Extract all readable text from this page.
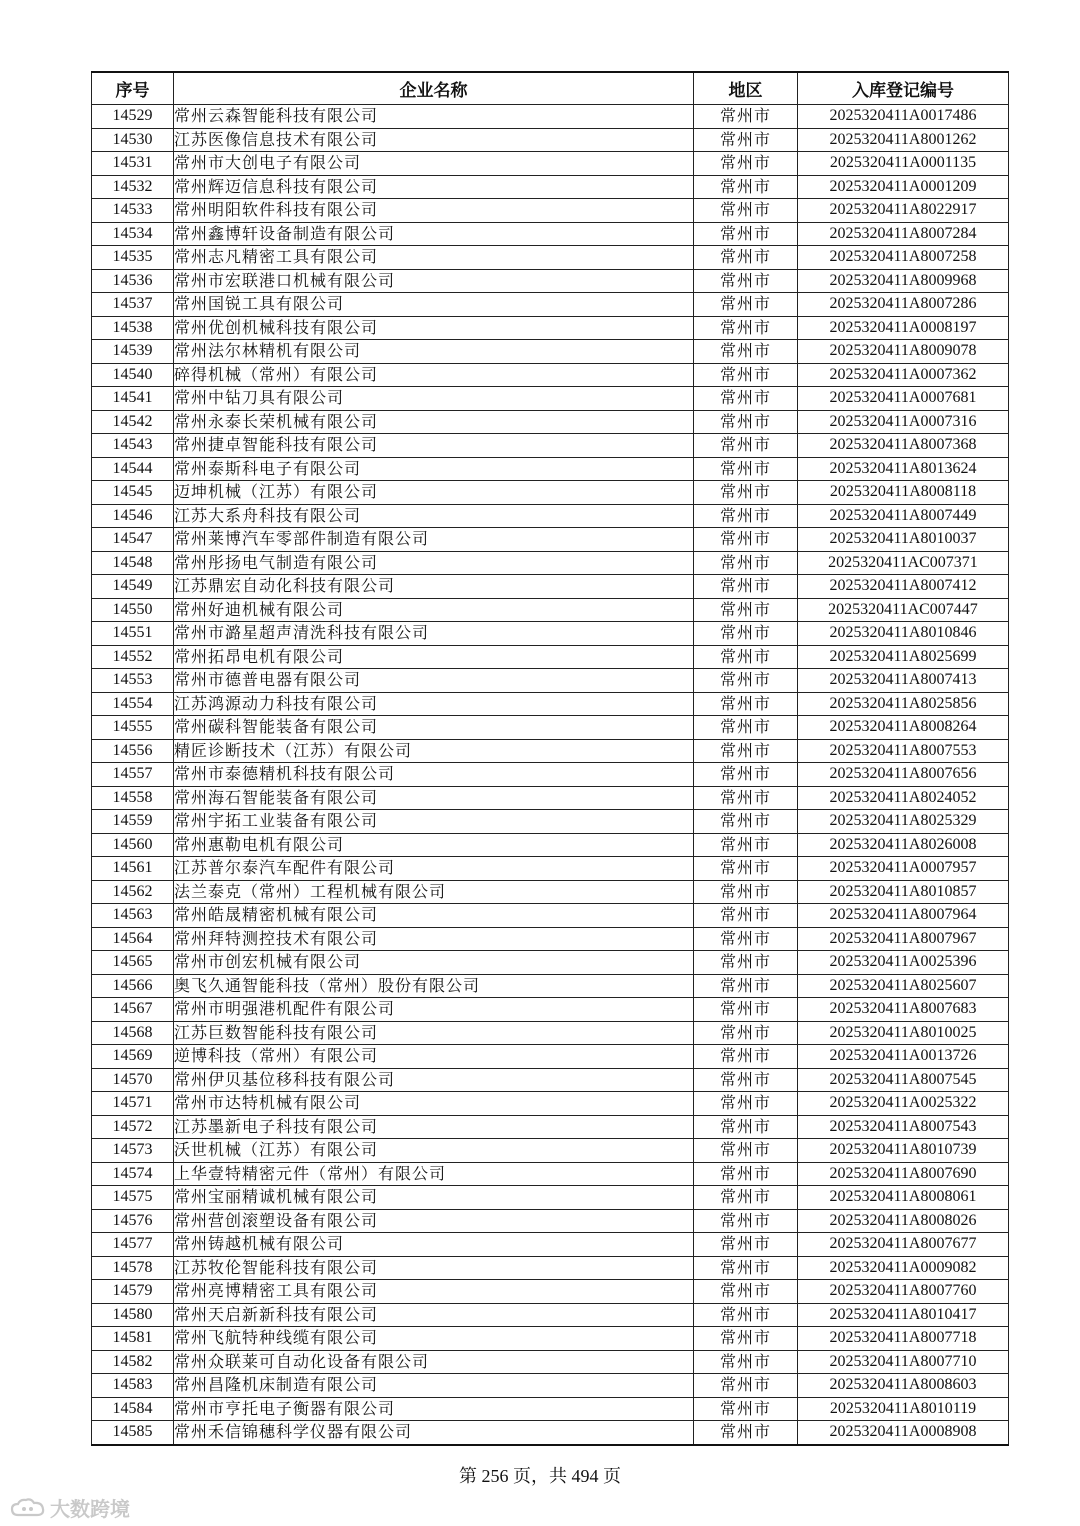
序号	企业名称	地区	入库登记编号
14529	常州云森智能科技有限公司	常州市	2025320411A0017486
14530	江苏医像信息技术有限公司	常州市	2025320411A8001262
14531	常州市大创电子有限公司	常州市	2025320411A0001135
14532	常州辉迈信息科技有限公司	常州市	2025320411A0001209
14533	常州明阳软件科技有限公司	常州市	2025320411A8022917
14534	常州鑫博轩设备制造有限公司	常州市	2025320411A8007284
14535	常州志凡精密工具有限公司	常州市	2025320411A8007258
14536	常州市宏联港口机械有限公司	常州市	2025320411A8009968
14537	常州国锐工具有限公司	常州市	2025320411A8007286
14538	常州优创机械科技有限公司	常州市	2025320411A0008197
14539	常州法尔林精机有限公司	常州市	2025320411A8009078
14540	碎得机械（常州）有限公司	常州市	2025320411A0007362
14541	常州中钻刀具有限公司	常州市	2025320411A0007681
14542	常州永泰长荣机械有限公司	常州市	2025320411A0007316
14543	常州捷卓智能科技有限公司	常州市	2025320411A8007368
14544	常州泰斯科电子有限公司	常州市	2025320411A8013624
14545	迈坤机械（江苏）有限公司	常州市	2025320411A8008118
14546	江苏大系舟科技有限公司	常州市	2025320411A8007449
14547	常州莱博汽车零部件制造有限公司	常州市	2025320411A8010037
14548	常州彤扬电气制造有限公司	常州市	2025320411AC007371
14549	江苏鼎宏自动化科技有限公司	常州市	2025320411A8007412
14550	常州好迪机械有限公司	常州市	2025320411AC007447
14551	常州市潞星超声清洗科技有限公司	常州市	2025320411A8010846
14552	常州拓昂电机有限公司	常州市	2025320411A8025699
14553	常州市德普电器有限公司	常州市	2025320411A8007413
14554	江苏鸿源动力科技有限公司	常州市	2025320411A8025856
14555	常州碳科智能装备有限公司	常州市	2025320411A8008264
14556	精匠诊断技术（江苏）有限公司	常州市	2025320411A8007553
14557	常州市泰德精机科技有限公司	常州市	2025320411A8007656
14558	常州海石智能装备有限公司	常州市	2025320411A8024052
14559	常州宇拓工业装备有限公司	常州市	2025320411A8025329
14560	常州惠勒电机有限公司	常州市	2025320411A8026008
14561	江苏普尔泰汽车配件有限公司	常州市	2025320411A0007957
14562	法兰泰克（常州）工程机械有限公司	常州市	2025320411A8010857
14563	常州皓晟精密机械有限公司	常州市	2025320411A8007964
14564	常州拜特测控技术有限公司	常州市	2025320411A8007967
14565	常州市创宏机械有限公司	常州市	2025320411A0025396
14566	奥飞久通智能科技（常州）股份有限公司	常州市	2025320411A8025607
14567	常州市明强港机配件有限公司	常州市	2025320411A8007683
14568	江苏巨数智能科技有限公司	常州市	2025320411A8010025
14569	逆博科技（常州）有限公司	常州市	2025320411A0013726
14570	常州伊贝基位移科技有限公司	常州市	2025320411A8007545
14571	常州市达特机械有限公司	常州市	2025320411A0025322
14572	江苏墨新电子科技有限公司	常州市	2025320411A8007543
14573	沃世机械（江苏）有限公司	常州市	2025320411A8010739
14574	上华壹特精密元件（常州）有限公司	常州市	2025320411A8007690
14575	常州宝丽精诚机械有限公司	常州市	2025320411A8008061
14576	常州营创滚塑设备有限公司	常州市	2025320411A8008026
14577	常州铸越机械有限公司	常州市	2025320411A8007677
14578	江苏牧伦智能科技有限公司	常州市	2025320411A0009082
14579	常州亮博精密工具有限公司	常州市	2025320411A8007760
14580	常州天启新新科技有限公司	常州市	2025320411A8010417
14581	常州飞航特种线缆有限公司	常州市	2025320411A8007718
14582	常州众联莱可自动化设备有限公司	常州市	2025320411A8007710
14583	常州昌隆机床制造有限公司	常州市	2025320411A8008603
14584	常州市亨托电子衡器有限公司	常州市	2025320411A8010119
14585	常州禾信锦穗科学仪器有限公司	常州市	2025320411A0008908
第 256 页，共 494 页
大数跨境
